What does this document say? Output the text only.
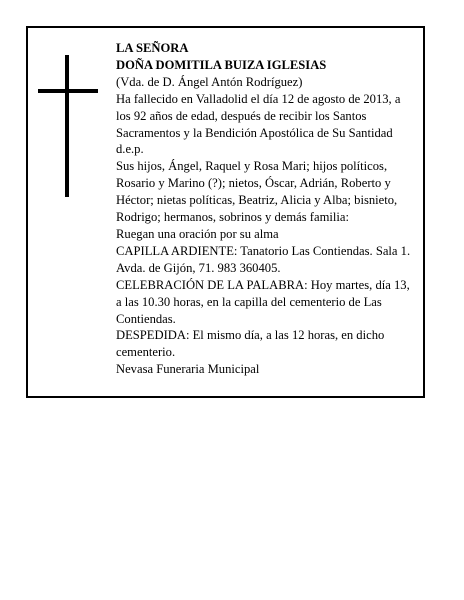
LA SEÑORA

DOÑA DOMITILA BUIZA IGLESIAS

(Vda. de D. Ángel Antón Rodríguez)

Ha fallecido en Valladolid el día 12 de agosto de 2013, a los 92 años de edad, después de recibir los Santos Sacramentos y la Bendición Apostólica de Su Santidad

d.e.p.

Sus hijos, Ángel, Raquel y Rosa Mari; hijos políticos, Rosario y Marino (?); nietos, Óscar, Adrián, Roberto y Héctor; nietas políticas, Beatriz, Alicia y Alba; bisnieto, Rodrigo; hermanos, sobrinos y demás familia:

Ruegan una oración por su alma

CAPILLA ARDIENTE: Tanatorio Las Contiendas. Sala 1. Avda. de Gijón, 71. 983 360405.

CELEBRACIÓN DE LA PALABRA: Hoy martes, día 13, a las 10.30 horas, en la capilla del cementerio de Las Contiendas.

DESPEDIDA: El mismo día, a las 12 horas, en dicho cementerio.

Nevasa Funeraria Municipal
